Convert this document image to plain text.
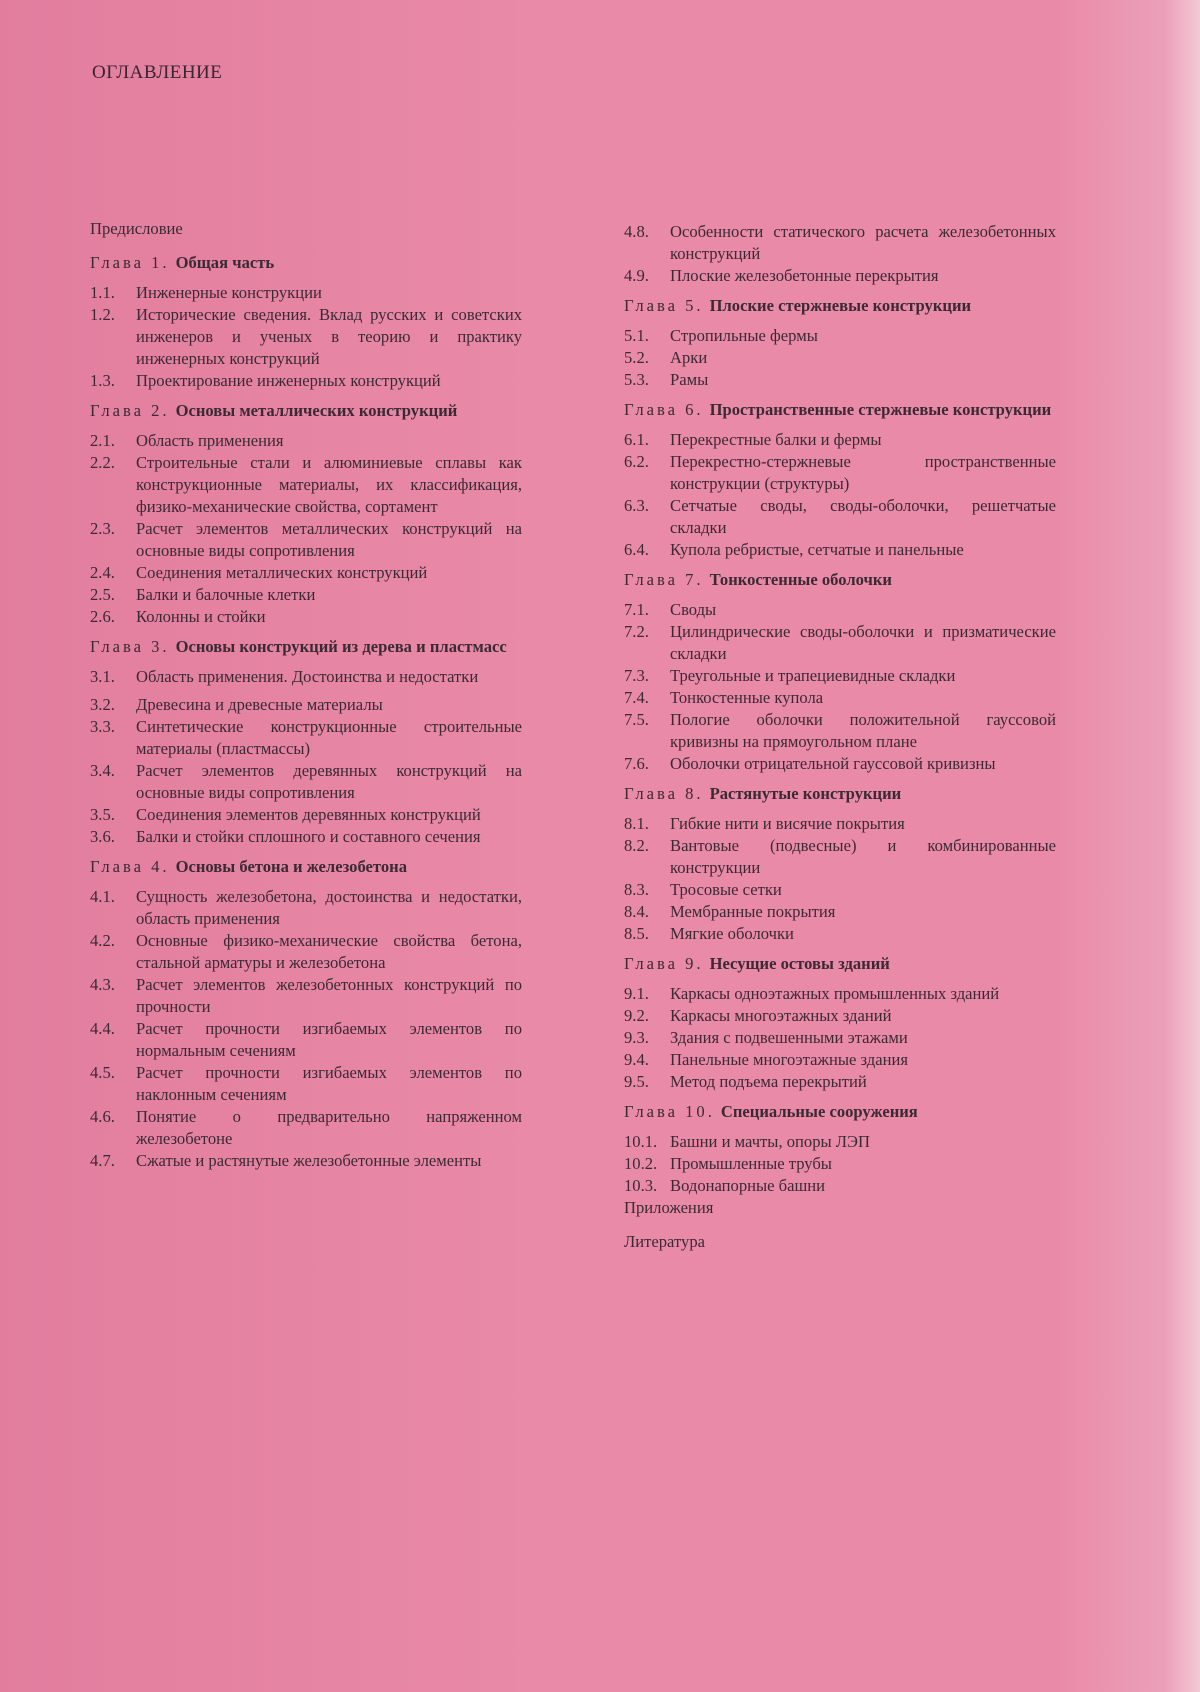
ОГЛАВЛЕНИЕ
Предисловие
Глава 1. Общая часть
1.1.	Инженерные конструкции
1.2.	Исторические сведения. Вклад русских и советских инженеров и ученых в теорию и практику инженерных конструкций
1.3.	Проектирование инженерных конструкций
Глава 2. Основы металлических конструкций
2.1.	Область применения
2.2.	Строительные стали и алюминиевые сплавы как конструкционные материалы, их классификация, физико-механические свойства, сортамент
2.3.	Расчет элементов металлических конструкций на основные виды сопротивления
2.4.	Соединения металлических конструкций
2.5.	Балки и балочные клетки
2.6.	Колонны и стойки
Глава 3. Основы конструкций из дерева и пластмасс
3.1.	Область применения. Достоинства и недостатки
3.2.	Древесина и древесные материалы
3.3.	Синтетические конструкционные строительные материалы (пластмассы)
3.4.	Расчет элементов деревянных конструкций на основные виды сопротивления
3.5.	Соединения элементов деревянных конструкций
3.6.	Балки и стойки сплошного и составного сечения
Глава 4. Основы бетона и железобетона
4.1.	Сущность железобетона, достоинства и недостатки, область применения
4.2.	Основные физико-механические свойства бетона, стальной арматуры и железобетона
4.3.	Расчет элементов железобетонных конструкций по прочности
4.4.	Расчет прочности изгибаемых элементов по нормальным сечениям
4.5.	Расчет прочности изгибаемых элементов по наклонным сечениям
4.6.	Понятие о предварительно напряженном железобетоне
4.7.	Сжатые и растянутые железобетонные элементы
4.8.	Особенности статического расчета железобетонных конструкций
4.9.	Плоские железобетонные перекрытия
Глава 5. Плоские стержневые конструкции
5.1.	Стропильные фермы
5.2.	Арки
5.3.	Рамы
Глава 6. Пространственные стержневые конструкции
6.1.	Перекрестные балки и фермы
6.2.	Перекрестно-стержневые пространственные конструкции (структуры)
6.3.	Сетчатые своды, своды-оболочки, решетчатые складки
6.4.	Купола ребристые, сетчатые и панельные
Глава 7. Тонкостенные оболочки
7.1.	Своды
7.2.	Цилиндрические своды-оболочки и призматические складки
7.3.	Треугольные и трапециевидные складки
7.4.	Тонкостенные купола
7.5.	Пологие оболочки положительной гауссовой кривизны на прямоугольном плане
7.6.	Оболочки отрицательной гауссовой кривизны
Глава 8. Растянутые конструкции
8.1.	Гибкие нити и висячие покрытия
8.2.	Вантовые (подвесные) и комбинированные конструкции
8.3.	Тросовые сетки
8.4.	Мембранные покрытия
8.5.	Мягкие оболочки
Глава 9. Несущие остовы зданий
9.1.	Каркасы одноэтажных промышленных зданий
9.2.	Каркасы многоэтажных зданий
9.3.	Здания с подвешенными этажами
9.4.	Панельные многоэтажные здания
9.5.	Метод подъема перекрытий
Глава 10. Специальные сооружения
10.1. Башни и мачты, опоры ЛЭП
10.2. Промышленные трубы
10.3. Водонапорные башни
Приложения
Литература
